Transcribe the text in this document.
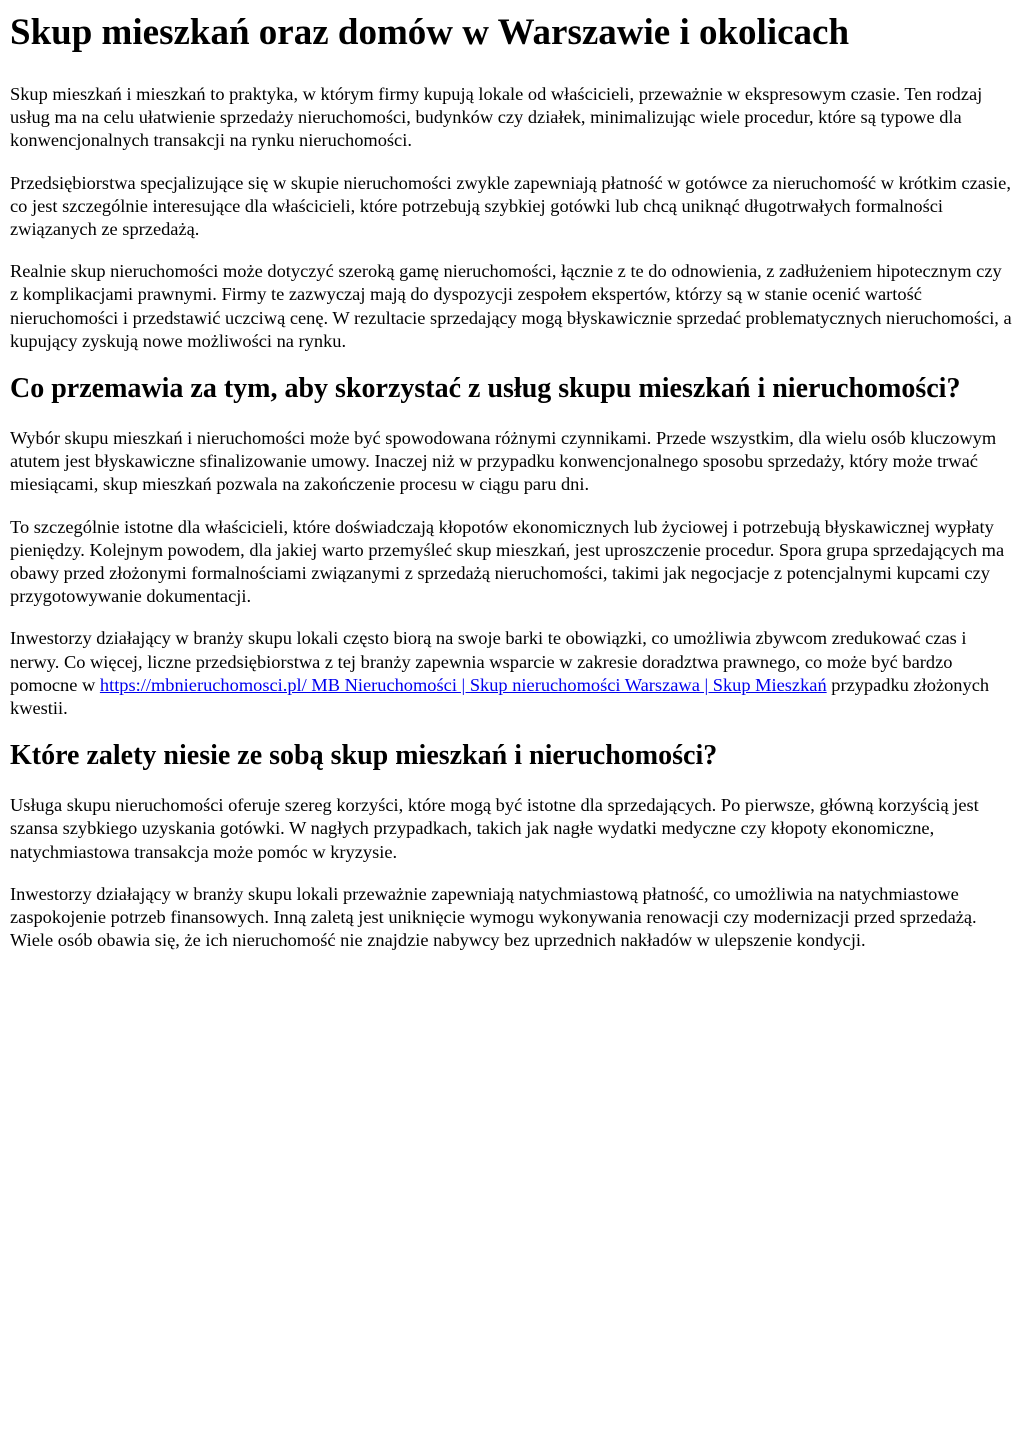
Skup mieszkań oraz domów w Warszawie i okolicach

Skup mieszkań i mieszkań to praktyka, w którym firmy kupują lokale od właścicieli, przeważnie w ekspresowym czasie. Ten rodzaj usług ma na celu ułatwienie sprzedaży nieruchomości, budynków czy działek, minimalizując wiele procedur, które są typowe dla konwencjonalnych transakcji na rynku nieruchomości.

Przedsiębiorstwa specjalizujące się w skupie nieruchomości zwykle zapewniają płatność w gotówce za nieruchomość w krótkim czasie, co jest szczególnie interesujące dla właścicieli, które potrzebują szybkiej gotówki lub chcą uniknąć długotrwałych formalności związanych ze sprzedażą.

Realnie skup nieruchomości może dotyczyć szeroką gamę nieruchomości, łącznie z te do odnowienia, z zadłużeniem hipotecznym czy z komplikacjami prawnymi. Firmy te zazwyczaj mają do dyspozycji zespołem ekspertów, którzy są w stanie ocenić wartość nieruchomości i przedstawić uczciwą cenę. W rezultacie sprzedający mogą błyskawicznie sprzedać problematycznych nieruchomości, a kupujący zyskują nowe możliwości na rynku.

Co przemawia za tym, aby skorzystać z usług skupu mieszkań i nieruchomości?

Wybór skupu mieszkań i nieruchomości może być spowodowana różnymi czynnikami. Przede wszystkim, dla wielu osób kluczowym atutem jest błyskawiczne sfinalizowanie umowy. Inaczej niż w przypadku konwencjonalnego sposobu sprzedaży, który może trwać miesiącami, skup mieszkań pozwala na zakończenie procesu w ciągu paru dni.

To szczególnie istotne dla właścicieli, które doświadczają kłopotów ekonomicznych lub życiowej i potrzebują błyskawicznej wypłaty pieniędzy. Kolejnym powodem, dla jakiej warto przemyśleć skup mieszkań, jest uproszczenie procedur. Spora grupa sprzedających ma obawy przed złożonymi formalnościami związanymi z sprzedażą nieruchomości, takimi jak negocjacje z potencjalnymi kupcami czy przygotowywanie dokumentacji.

Inwestorzy działający w branży skupu lokali często biorą na swoje barki te obowiązki, co umożliwia zbywcom zredukować czas i nerwy. Co więcej, liczne przedsiębiorstwa z tej branży zapewnia wsparcie w zakresie doradztwa prawnego, co może być bardzo pomocne w https://mbnieruchomosci.pl/ MB Nieruchomości | Skup nieruchomości Warszawa | Skup Mieszkań przypadku złożonych kwestii.

Które zalety niesie ze sobą skup mieszkań i nieruchomości?

Usługa skupu nieruchomości oferuje szereg korzyści, które mogą być istotne dla sprzedających. Po pierwsze, główną korzyścią jest szansa szybkiego uzyskania gotówki. W nagłych przypadkach, takich jak nagłe wydatki medyczne czy kłopoty ekonomiczne, natychmiastowa transakcja może pomóc w kryzysie.

Inwestorzy działający w branży skupu lokali przeważnie zapewniają natychmiastową płatność, co umożliwia na natychmiastowe zaspokojenie potrzeb finansowych. Inną zaletą jest uniknięcie wymogu wykonywania renowacji czy modernizacji przed sprzedażą. Wiele osób obawia się, że ich nieruchomość nie znajdzie nabywcy bez uprzednich nakładów w ulepszenie kondycji.
